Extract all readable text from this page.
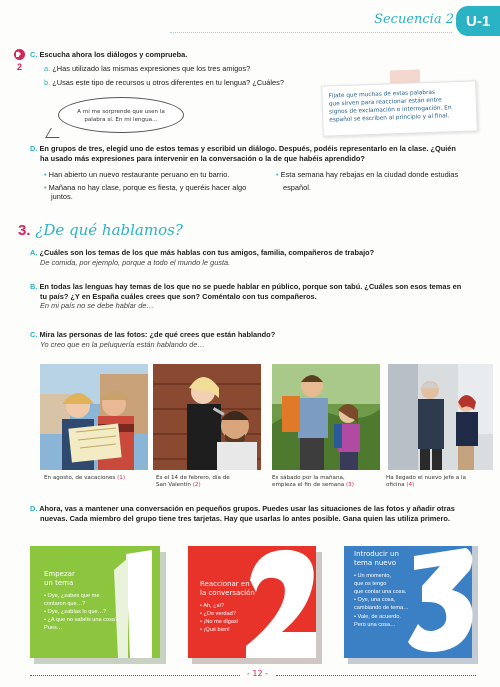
Secuencia 2 U-1
2
C. Escucha ahora los diálogos y comprueba.
a. ¿Has utilizado las mismas expresiones que los tres amigos?
b. ¿Usas este tipo de recursos u otros diferentes en tu lengua? ¿Cuáles?
A mí me sorprende que usen la
palabra sí. En mi lengua…
Fíjate que muchas de estas palabras
que sirven para reaccionar están entre
signos de exclamación o interrogación. En
español se escriben al principio y al final.
D. En grupos de tres, elegid uno de estos temas y escribid un diálogo. Después, podéis representarlo en la clase. ¿Quién
ha usado más expresiones para intervenir en la conversación o la de que habéis aprendido?
• Han abierto un nuevo restaurante peruano en tu barrio.
• Mañana no hay clase, porque es fiesta, y queréis hacer algo
juntos.
• Esta semana hay rebajas en la ciudad donde estudias
español.
3. ¿De qué hablamos?
A. ¿Cuáles son los temas de los que más hablas con tus amigos, familia, compañeros de trabajo?
De comida, por ejemplo, porque a todo el mundo le gusta.
B. En todas las lenguas hay temas de los que no se puede hablar en público, porque son tabú. ¿Cuáles son esos temas en
tu país? ¿Y en España cuáles crees que son? Coméntalo con tus compañeros.
En mi país no se debe hablar de…
C. Mira las personas de las fotos: ¿de qué crees que están hablando?
Yo creo que en la peluquería están hablando de…
En agosto, de vacaciones (1)	Es el 14 de febrero, día de
San Valentín (2)
Es sábado por la mañana,
empieza el fin de semana (3)
Ha llegado el nuevo jefe a la
oficina (4)
D. Ahora, vas a mantener una conversación en pequeños grupos. Puedes usar las situaciones de las fotos y añadir otras
nuevas. Cada miembro del grupo tiene tres tarjetas. Hay que usarlas lo antes posible. Gana quien las utiliza primero.
Empezar
un tema
• Oye, ¿sabes que me
contaron que…?
• Oye, ¿sabías lo que…?
• ¿A que no sabéis una cosa?
Pues…
Reaccionar en
la conversación
• Ah, ¿sí?
• ¿De verdad?
• ¡No me digas!
• ¡Qué bien!
Introducir un
tema nuevo
• Un momento,
que os tengo
que contar una cosa.
• Oye, una cosa,
cambiando de tema…
• Vale, de acuerdo.
Pero una cosa…
- 12 -
